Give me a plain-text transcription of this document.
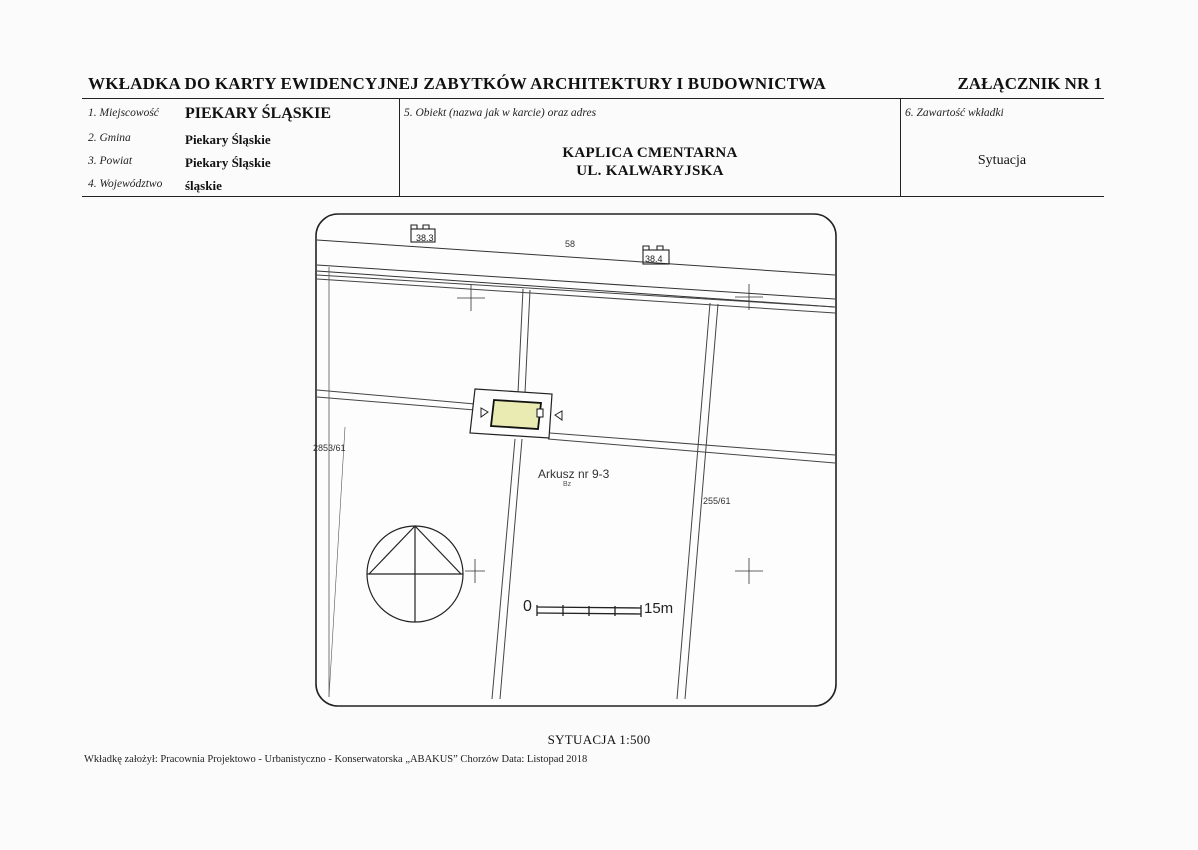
WKŁADKA DO KARTY EWIDENCYJNEJ ZABYTKÓW ARCHITEKTURY I BUDOWNICTWA	ZAŁĄCZNIK NR 1
1. Miejscowość PIEKARY ŚLĄSKIE
2. Gmina	Piekary Śląskie
3. Powiat	Piekary Śląskie
4. Województwo śląskie
5. Obiekt (nazwa jak w karcie) oraz adres
KAPLICA CMENTARNA
UL. KALWARYJSKA
6. Zawartość wkładki
Sytuacja
0	15m
38.3
38.4
58
2853/61
255/61
Arkusz nr 9-3
Bz
SYTUACJA 1:500
Wkładkę założył: Pracownia Projektowo - Urbanistyczno - Konserwatorska „ABAKUS” Chorzów Data: Listopad 2018
